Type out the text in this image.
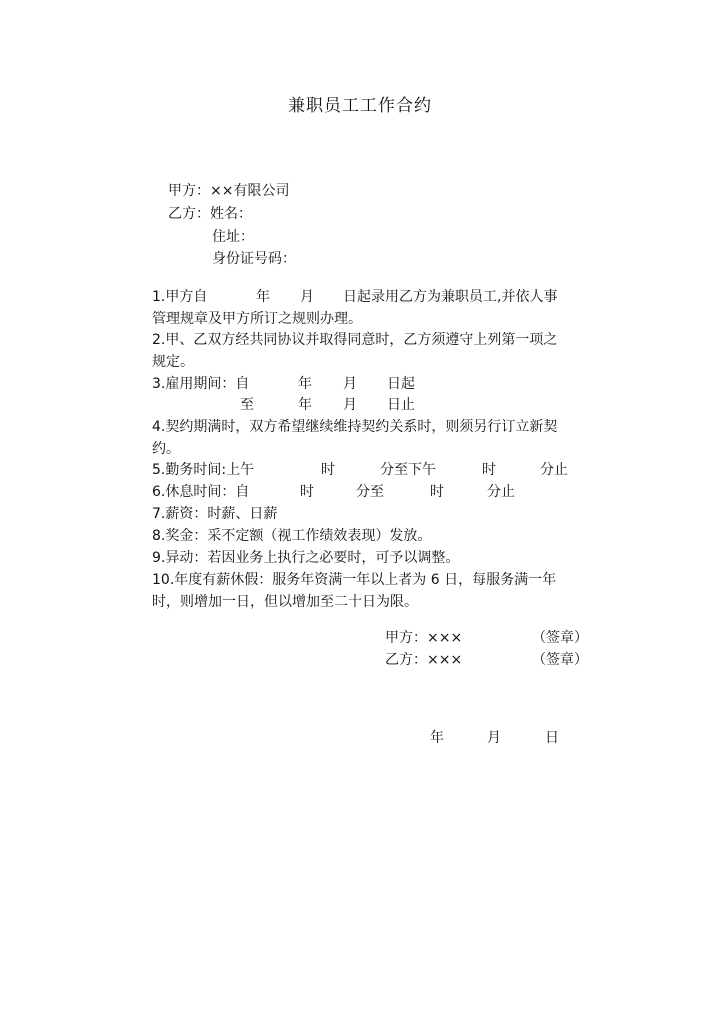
兼职员工工作合约
甲方：××有限公司
乙方：姓名：
住址：
身份证号码：
1.甲方自	年 月 日起录用乙方为兼职员工,并依人事
管理规章及甲方所订之规则办理。
2.甲、乙双方经共同协议并取得同意时，乙方须遵守上列第一项之
规定。
3.雇用期间：自	年 月 日起
至	年 月 日止
4.契约期满时，双方希望继续维持契约关系时，则须另行订立新契
约。
5.勤务时间:上午	时	分至下午	时	分止
6.休息时间：自	时	分至	时	分止
7.薪资：时薪、日薪
8.奖金：采不定额（视工作绩效表现）发放。
9.异动：若因业务上执行之必要时，可予以调整。
10.年度有薪休假：服务年资满一年以上者为 6 日，每服务满一年
时，则增加一日，但以增加至二十日为限。
甲方：×××	（签章）
乙方：×××	（签章）
年	月	日
